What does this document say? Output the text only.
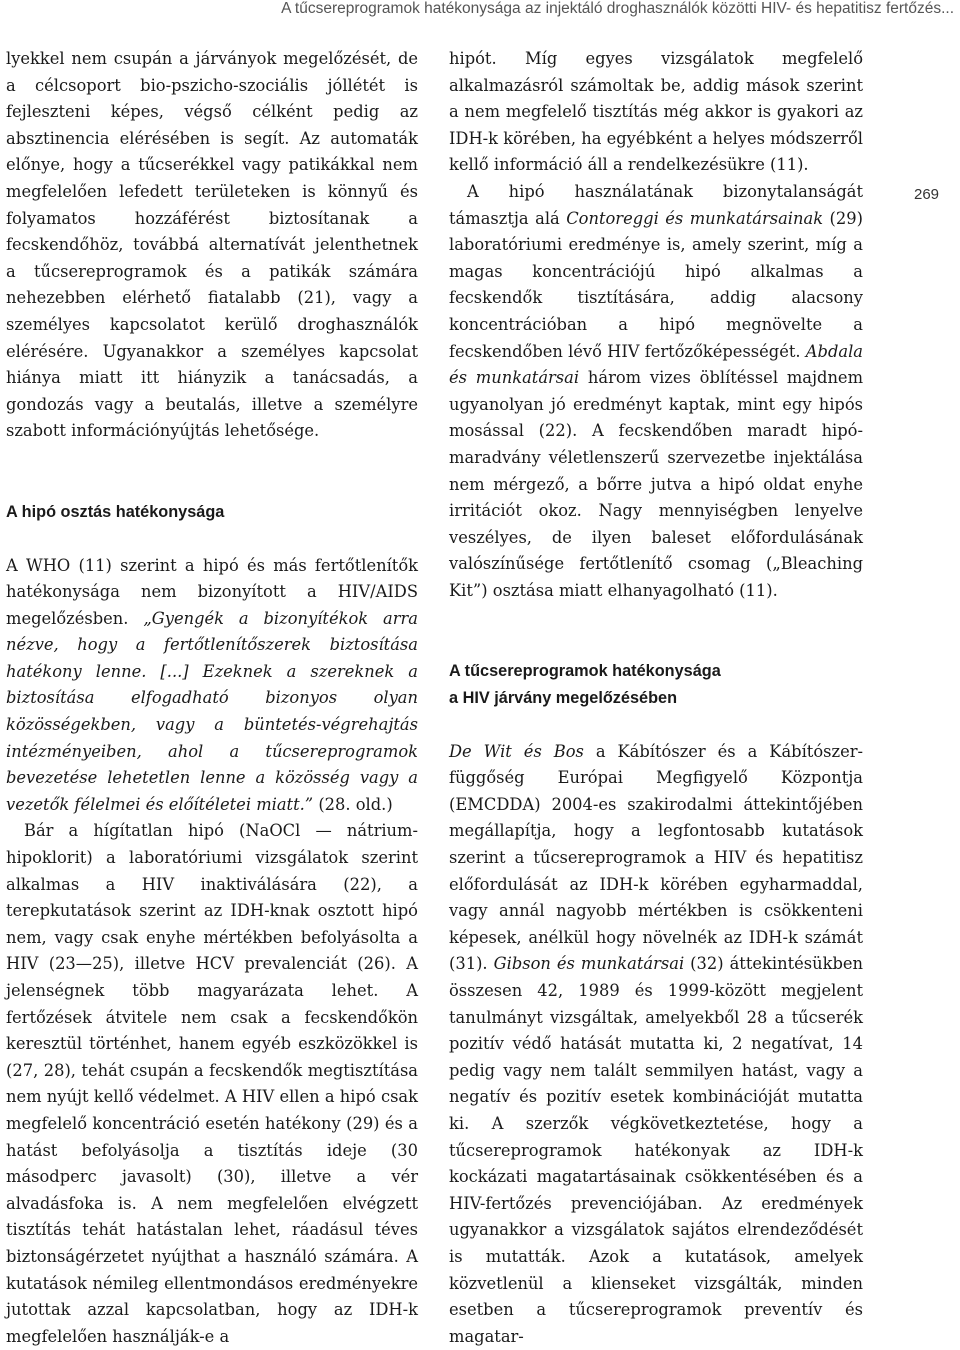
A tűcsereprogramok hatékonysága az injektáló droghasználók közötti HIV- és hepatitisz fertőzés...
269

lyekkel nem csupán a járványok megelőzését, de a célcsoport bio-pszicho-szociális jóllétét is fejleszteni képes, végső célként pedig az absztinencia elérésében is segít. Az automaták előnye, hogy a tűcserékkel vagy patikákkal nem megfelelően lefedett területeken is könnyű és folyamatos hozzáférést biztosítanak a fecskendőhöz, továbbá alternatívát jelenthetnek a tűcsereprogramok és a patikák számára nehezebben elérhető fiatalabb (21), vagy a személyes kapcsolatot kerülő droghasználók elérésére. Ugyanakkor a személyes kapcsolat hiánya miatt itt hiányzik a tanácsadás, a gondozás vagy a beutalás, illetve a személyre szabott információnyújtás lehetősége.

A hipó osztás hatékonysága

A WHO (11) szerint a hipó és más fertőtlenítők hatékonysága nem bizonyított a HIV/AIDS megelőzésben. „Gyengék a bizonyítékok arra nézve, hogy a fertőtlenítőszerek biztosítása hatékony lenne. [...] Ezeknek a szereknek a biztosítása elfogadható bizonyos olyan közösségekben, vagy a büntetés-végrehajtás intézményeiben, ahol a tűcsereprogramok bevezetése lehetetlen lenne a közösség vagy a vezetők félelmei és előítéletei miatt.” (28. old.)

Bár a hígítatlan hipó (NaOCl — nátrium-hipoklorit) a laboratóriumi vizsgálatok szerint alkalmas a HIV inaktiválására (22), a terepkutatások szerint az IDH-knak osztott hipó nem, vagy csak enyhe mértékben befolyásolta a HIV (23—25), illetve HCV prevalenciát (26). A jelenségnek több magyarázata lehet. A fertőzések átvitele nem csak a fecskendőkön keresztül történhet, hanem egyéb eszközökkel is (27, 28), tehát csupán a fecskendők megtisztítása nem nyújt kellő védelmet. A HIV ellen a hipó csak megfelelő koncentráció esetén hatékony (29) és a hatást befolyásolja a tisztítás ideje (30 másodperc javasolt) (30), illetve a vér alvadásfoka is. A nem megfelelően elvégzett tisztítás tehát hatástalan lehet, ráadásul téves biztonságérzetet nyújthat a használó számára. A kutatások némileg ellentmondásos eredményekre jutottak azzal kapcsolatban, hogy az IDH-k megfelelően használják-e a

hipót. Míg egyes vizsgálatok megfelelő alkalmazásról számoltak be, addig mások szerint a nem megfelelő tisztítás még akkor is gyakori az IDH-k körében, ha egyébként a helyes módszerről kellő információ áll a rendelkezésükre (11).

A hipó használatának bizonytalanságát támasztja alá Contoreggi és munkatársainak (29) laboratóriumi eredménye is, amely szerint, míg a magas koncentrációjú hipó alkalmas a fecskendők tisztítására, addig alacsony koncentrációban a hipó megnövelte a fecskendőben lévő HIV fertőzőképességét. Abdala és munkatársai három vizes öblítéssel majdnem ugyanolyan jó eredményt kaptak, mint egy hipós mosással (22). A fecskendőben maradt hipó-maradvány véletlenszerű szervezetbe injektálása nem mérgező, a bőrre jutva a hipó oldat enyhe irritációt okoz. Nagy mennyiségben lenyelve veszélyes, de ilyen baleset előfordulásának valószínűsége fertőtlenítő csomag („Bleaching Kit”) osztása miatt elhanyagolható (11).

A tűcsereprogramok hatékonysága
a HIV járvány megelőzésében

De Wit és Bos a Kábítószer és a Kábítószer-függőség Európai Megfigyelő Központja (EMCDDA) 2004-es szakirodalmi áttekintőjében megállapítja, hogy a legfontosabb kutatások szerint a tűcsereprogramok a HIV és hepatitisz előfordulását az IDH-k körében egyharmaddal, vagy annál nagyobb mértékben is csökkenteni képesek, anélkül hogy növelnék az IDH-k számát (31). Gibson és munkatársai (32) áttekintésükben összesen 42, 1989 és 1999-között megjelent tanulmányt vizsgáltak, amelyekből 28 a tűcserék pozitív védő hatását mutatta ki, 2 negatívat, 14 pedig vagy nem talált semmilyen hatást, vagy a negatív és pozitív esetek kombinációját mutatta ki. A szerzők végkövetkeztetése, hogy a tűcsereprogramok hatékonyak az IDH-k kockázati magatartásainak csökkentésében és a HIV-fertőzés prevenciójában. Az eredmények ugyanakkor a vizsgálatok sajátos elrendeződését is mutatták. Azok a kutatások, amelyek közvetlenül a klienseket vizsgálták, minden esetben a tűcsereprogramok preventív és magatar-
